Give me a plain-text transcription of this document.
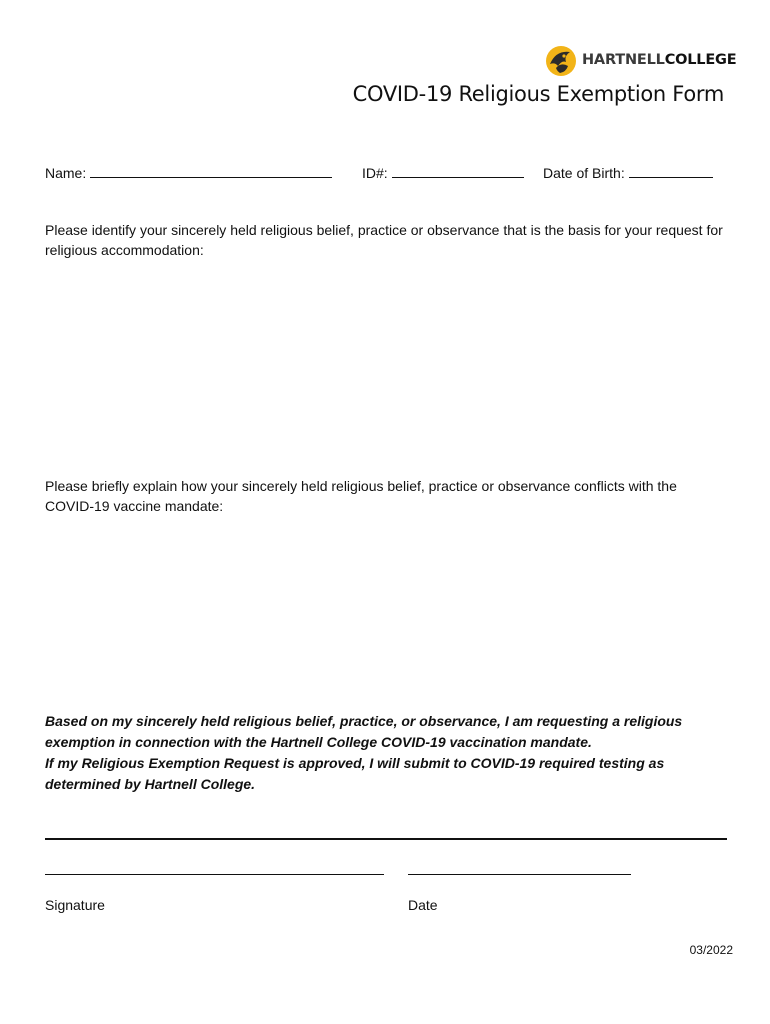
HARTNELLCOLLEGE
COVID-19 Religious Exemption Form
Name:	ID#:	Date of Birth:
Please identify your sincerely held religious belief, practice or observance that is the basis for your request for religious accommodation:
Please briefly explain how your sincerely held religious belief, practice or observance conflicts with the COVID-19 vaccine mandate:
Based on my sincerely held religious belief, practice, or observance, I am requesting a religious exemption in connection with the Hartnell College COVID-19 vaccination mandate.
If my Religious Exemption Request is approved, I will submit to COVID-19 required testing as determined by Hartnell College.
Signature	Date
03/2022
